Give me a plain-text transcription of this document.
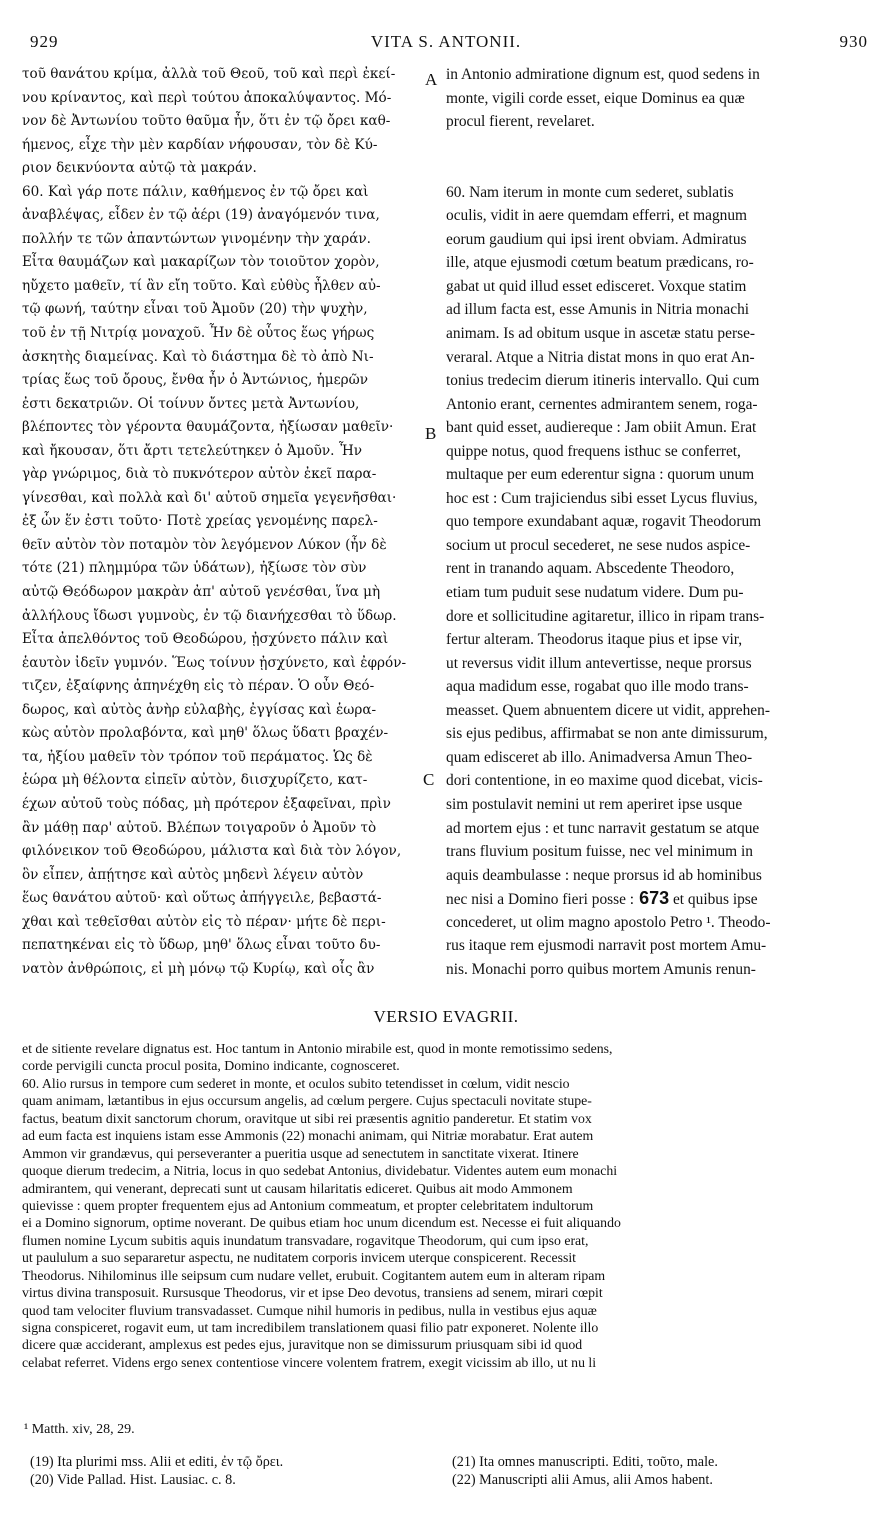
929	VITA S. ANTONII.	930
τοῦ θανάτου κρίμα, ἀλλὰ τοῦ Θεοῦ, τοῦ καὶ περὶ ἐκεί-
νου κρίναντος, καὶ περὶ τούτου ἀποκαλύψαντος. Μό-
νον δὲ Ἀντωνίου τοῦτο θαῦμα ἦν, ὅτι ἐν τῷ ὄρει καθ-
ήμενος, εἶχε τὴν μὲν καρδίαν νήφουσαν, τὸν δὲ Κύ-
ριον δεικνύοντα αὐτῷ τὰ μακράν.
60. Καὶ γάρ ποτε πάλιν, καθήμενος ἐν τῷ ὄρει καὶ
ἀναβλέψας, εἶδεν ἐν τῷ ἀέρι (19) ἀναγόμενόν τινα,
πολλήν τε τῶν ἀπαντώντων γινομένην τὴν χαράν.
Εἶτα θαυμάζων καὶ μακαρίζων τὸν τοιοῦτον χορὸν,
ηὔχετο μαθεῖν, τί ἂν εἴη τοῦτο. Καὶ εὐθὺς ἦλθεν αὐ-
τῷ φωνή, ταύτην εἶναι τοῦ Ἀμοῦν (20) τὴν ψυχὴν,
τοῦ ἐν τῇ Νιτρίᾳ μοναχοῦ. Ἦν δὲ οὗτος ἕως γήρως
ἀσκητὴς διαμείνας. Καὶ τὸ διάστημα δὲ τὸ ἀπὸ Νι-
τρίας ἕως τοῦ ὄρους, ἔνθα ἦν ὁ Ἀντώνιος, ἡμερῶν
ἐστι δεκατριῶν. Οἱ τοίνυν ὄντες μετὰ Ἀντωνίου,
βλέποντες τὸν γέροντα θαυμάζοντα, ἠξίωσαν μαθεῖν·
καὶ ἤκουσαν, ὅτι ἄρτι τετελεύτηκεν ὁ Ἀμοῦν. Ἦν
γὰρ γνώριμος, διὰ τὸ πυκνότερον αὐτὸν ἐκεῖ παρα-
γίνεσθαι, καὶ πολλὰ καὶ δι' αὐτοῦ σημεῖα γεγενῆσθαι·
ἐξ ὧν ἕν ἐστι τοῦτο· Ποτὲ χρείας γενομένης παρελ-
θεῖν αὐτὸν τὸν ποταμὸν τὸν λεγόμενον Λύκον (ἦν δὲ
τότε (21) πλημμύρα τῶν ὑδάτων), ἠξίωσε τὸν σὺν
αὐτῷ Θεόδωρον μακρὰν ἀπ' αὐτοῦ γενέσθαι, ἵνα μὴ
ἀλλήλους ἴδωσι γυμνοὺς, ἐν τῷ διανήχεσθαι τὸ ὕδωρ.
Εἶτα ἀπελθόντος τοῦ Θεοδώρου, ᾐσχύνετο πάλιν καὶ
ἑαυτὸν ἰδεῖν γυμνόν. Ἕως τοίνυν ᾐσχύνετο, καὶ ἐφρόν-
τιζεν, ἐξαίφνης ἀπηνέχθη εἰς τὸ πέραν. Ὁ οὖν Θεό-
δωρος, καὶ αὐτὸς ἀνὴρ εὐλαβὴς, ἐγγίσας καὶ ἑωρα-
κὼς αὐτὸν προλαβόντα, καὶ μηθ' ὅλως ὕδατι βραχέν-
τα, ἠξίου μαθεῖν τὸν τρόπον τοῦ περάματος. Ὡς δὲ
ἑώρα μὴ θέλοντα εἰπεῖν αὐτὸν, διισχυρίζετο, κατ-
έχων αὐτοῦ τοὺς πόδας, μὴ πρότερον ἐξαφεῖναι, πρὶν
ἂν μάθῃ παρ' αὐτοῦ. Βλέπων τοιγαροῦν ὁ Ἀμοῦν τὸ
φιλόνεικον τοῦ Θεοδώρου, μάλιστα καὶ διὰ τὸν λόγον,
ὃν εἶπεν, ἀπῄτησε καὶ αὐτὸς μηδενὶ λέγειν αὐτὸν
ἕως θανάτου αὐτοῦ· καὶ οὕτως ἀπήγγειλε, βεβαστά-
χθαι καὶ τεθεῖσθαι αὐτὸν εἰς τὸ πέραν· μήτε δὲ περι-
πεπατηκέναι εἰς τὸ ὕδωρ, μηθ' ὅλως εἶναι τοῦτο δυ-
νατὸν ἀνθρώποις, εἰ μὴ μόνῳ τῷ Κυρίῳ, καὶ οἷς ἂν
A
B
C
in Antonio admiratione dignum est, quod sedens in
monte, vigili corde esset, eique Dominus ea quæ
procul fierent, revelaret.
60. Nam iterum in monte cum sederet, sublatis
oculis, vidit in aere quemdam efferri, et magnum
eorum gaudium qui ipsi irent obviam. Admiratus
ille, atque ejusmodi cœtum beatum prædicans, ro-
gabat ut quid illud esset edisceret. Voxque statim
ad illum facta est, esse Amunis in Nitria monachi
animam. Is ad obitum usque in ascetæ statu perse-
veraral. Atque a Nitria distat mons in quo erat An-
tonius tredecim dierum itineris intervallo. Qui cum
Antonio erant, cernentes admirantem senem, roga-
bant quid esset, audiereque : Jam obiit Amun. Erat
quippe notus, quod frequens isthuc se conferret,
multaque per eum ederentur signa : quorum unum
hoc est : Cum trajiciendus sibi esset Lycus fluvius,
quo tempore exundabant aquæ, rogavit Theodorum
socium ut procul secederet, ne sese nudos aspice-
rent in tranando aquam. Abscedente Theodoro,
etiam tum puduit sese nudatum videre. Dum pu-
dore et sollicitudine agitaretur, illico in ripam trans-
fertur alteram. Theodorus itaque pius et ipse vir,
ut reversus vidit illum antevertisse, neque prorsus
aqua madidum esse, rogabat quo ille modo trans-
measset. Quem abnuentem dicere ut vidit, apprehen-
sis ejus pedibus, affirmabat se non ante dimissurum,
quam edisceret ab illo. Animadversa Amun Theo-
dori contentione, in eo maxime quod dicebat, vicis-
sim postulavit nemini ut rem aperiret ipse usque
ad mortem ejus : et tunc narravit gestatum se atque
trans fluvium positum fuisse, nec vel minimum in
aquis deambulasse : neque prorsus id ab hominibus
nec nisi a Domino fieri posse : 673 et quibus ipse
concederet, ut olim magno apostolo Petro ¹. Theodo-
rus itaque rem ejusmodi narravit post mortem Amu-
nis. Monachi porro quibus mortem Amunis renun-
VERSIO EVAGRII.
et de sitiente revelare dignatus est. Hoc tantum in Antonio mirabile est, quod in monte remotissimo sedens,
corde pervigili cuncta procul posita, Domino indicante, cognosceret.
60. Alio rursus in tempore cum sederet in monte, et oculos subito tetendisset in cœlum, vidit nescio
quam animam, lætantibus in ejus occursum angelis, ad cœlum pergere. Cujus spectaculi novitate stupe-
factus, beatum dixit sanctorum chorum, oravitque ut sibi rei præsentis agnitio panderetur. Et statim vox
ad eum facta est inquiens istam esse Ammonis (22) monachi animam, qui Nitriæ morabatur. Erat autem
Ammon vir grandævus, qui perseveranter a pueritia usque ad senectutem in sanctitate vixerat. Itinere
quoque dierum tredecim, a Nitria, locus in quo sedebat Antonius, dividebatur. Videntes autem eum monachi
admirantem, qui venerant, deprecati sunt ut causam hilaritatis ediceret. Quibus ait modo Ammonem
quievisse : quem propter frequentem ejus ad Antonium commeatum, et propter celebritatem indultorum
ei a Domino signorum, optime noverant. De quibus etiam hoc unum dicendum est. Necesse ei fuit aliquando
flumen nomine Lycum subitis aquis inundatum transvadare, rogavitque Theodorum, qui cum ipso erat,
ut paululum a suo separaretur aspectu, ne nuditatem corporis invicem uterque conspicerent. Recessit
Theodorus. Nihilominus ille seipsum cum nudare vellet, erubuit. Cogitantem autem eum in alteram ripam
virtus divina transposuit. Rursusque Theodorus, vir et ipse Deo devotus, transiens ad senem, mirari cœpit
quod tam velociter fluvium transvadasset. Cumque nihil humoris in pedibus, nulla in vestibus ejus aquæ
signa conspiceret, rogavit eum, ut tam incredibilem translationem quasi filio patr exponeret. Nolente illo
dicere quæ acciderant, amplexus est pedes ejus, juravitque non se dimissurum priusquam sibi id quod
celabat referret. Videns ergo senex contentiose vincere volentem fratrem, exegit vicissim ab illo, ut nu li
¹ Matth. xiv, 28, 29.
(19) Ita plurimi mss. Alii et editi, ἐν τῷ ὄρει.
(20) Vide Pallad. Hist. Lausiac. c. 8.
(21) Ita omnes manuscripti. Editi, τοῦτο, male.
(22) Manuscripti alii Amus, alii Amos habent.
